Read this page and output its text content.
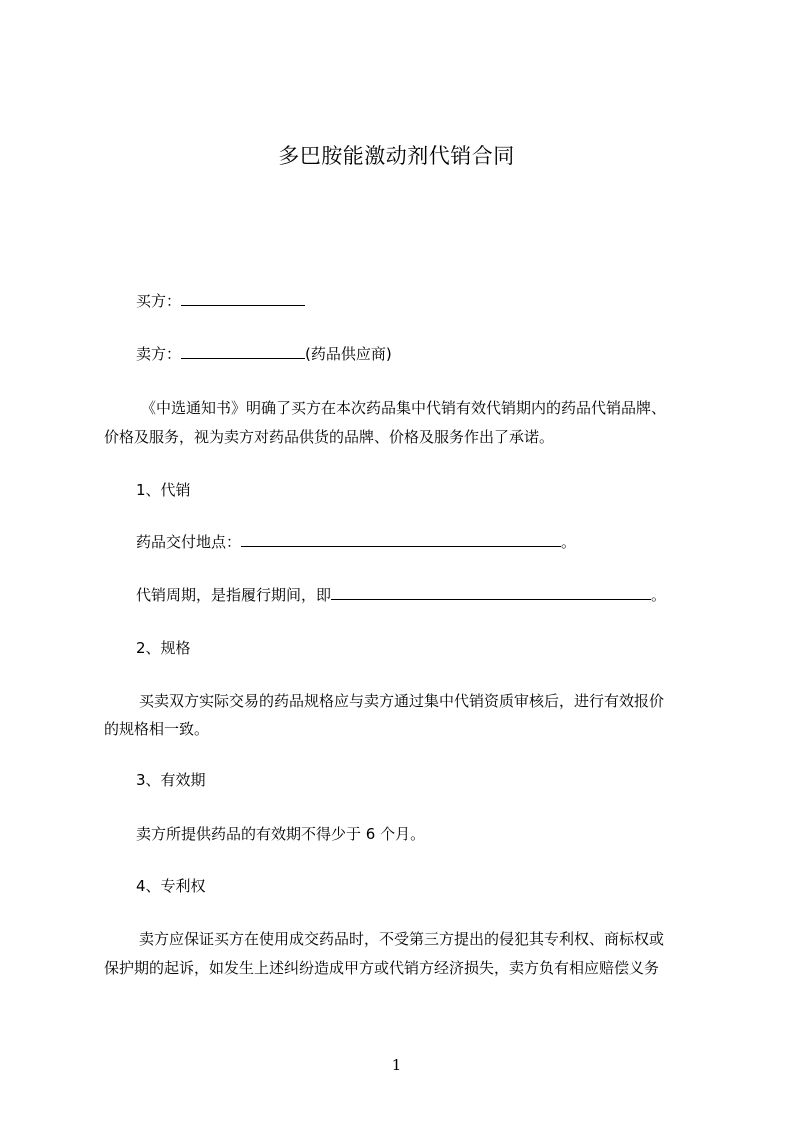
多巴胺能激动剂代销合同
买方：
卖方：	(药品供应商)
《中选通知书》明确了买方在本次药品集中代销有效代销期内的药品代销品牌、
价格及服务，视为卖方对药品供货的品牌、价格及服务作出了承诺。
1、代销
药品交付地点：	。
代销周期，是指履行期间，即	。
2、规格
买卖双方实际交易的药品规格应与卖方通过集中代销资质审核后，进行有效报价
的规格相一致。
3、有效期
卖方所提供药品的有效期不得少于 6 个月。
4、专利权
卖方应保证买方在使用成交药品时，不受第三方提出的侵犯其专利权、商标权或
保护期的起诉，如发生上述纠纷造成甲方或代销方经济损失，卖方负有相应赔偿义务
1
